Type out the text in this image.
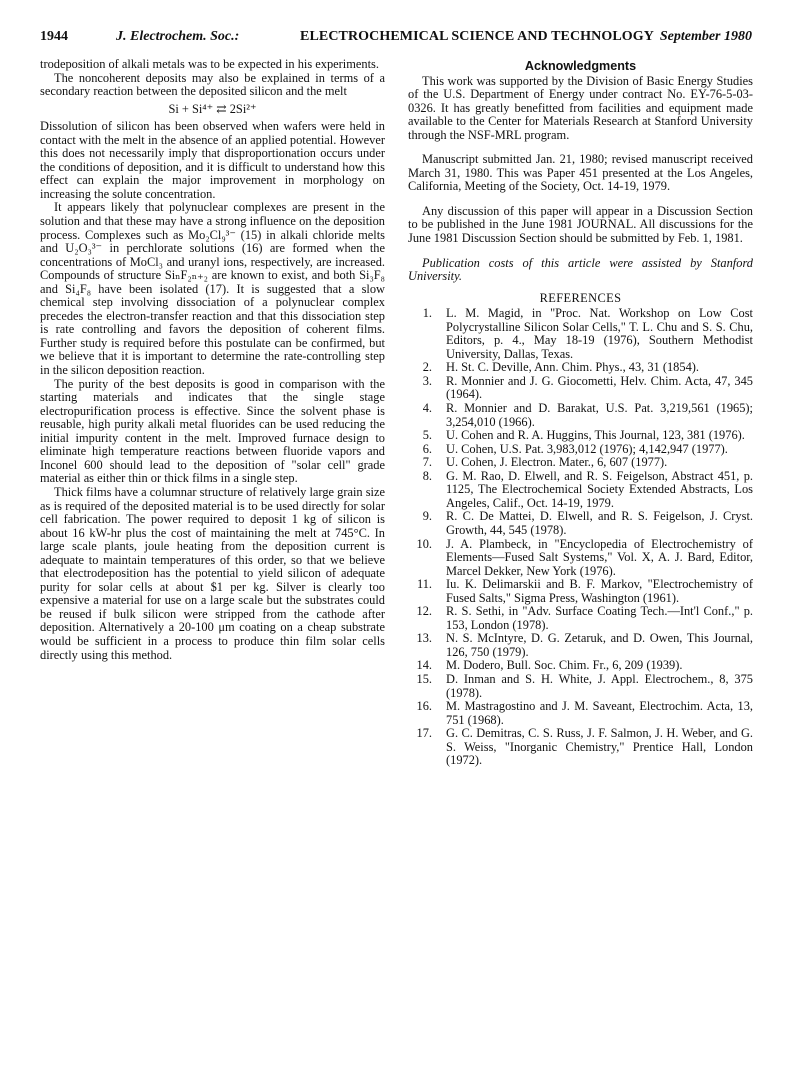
1944	J. Electrochem. Soc.:	ELECTROCHEMICAL SCIENCE AND TECHNOLOGY September 1980

trodeposition of alkali metals was to be expected in his experiments.

The noncoherent deposits may also be explained in terms of a secondary reaction between the deposited silicon and the melt

Si + Si⁴⁺ ⇄ 2Si²⁺

Dissolution of silicon has been observed when wafers were held in contact with the melt in the absence of an applied potential. However this does not necessarily imply that disproportionation occurs under the conditions of deposition, and it is difficult to understand how this effect can explain the major improvement in morphology on increasing the solute concentration.

It appears likely that polynuclear complexes are present in the solution and that these may have a strong influence on the deposition process. Complexes such as Mo₂Cl₉³⁻ (15) in alkali chloride melts and U₂O₃³⁻ in perchlorate solutions (16) are formed when the concentrations of MoCl₃ and uranyl ions, respectively, are increased. Compounds of structure SiₙF₂ₙ₊₂ are known to exist, and both Si₃F₈ and Si₄F₈ have been isolated (17). It is suggested that a slow chemical step involving dissociation of a polynuclear complex precedes the electron-transfer reaction and that this dissociation step is rate controlling and favors the deposition of coherent films. Further study is required before this postulate can be confirmed, but we believe that it is important to determine the rate-controlling step in the silicon deposition reaction.

The purity of the best deposits is good in comparison with the starting materials and indicates that the single stage electropurification process is effective. Since the solvent phase is reusable, high purity alkali metal fluorides can be used reducing the initial impurity content in the melt. Improved furnace design to eliminate high temperature reactions between fluoride vapors and Inconel 600 should lead to the deposition of "solar cell" grade material as either thin or thick films in a single step.

Thick films have a columnar structure of relatively large grain size as is required of the deposited material is to be used directly for solar cell fabrication. The power required to deposit 1 kg of silicon is about 16 kW-hr plus the cost of maintaining the melt at 745°C. In large scale plants, joule heating from the deposition current is adequate to maintain temperatures of this order, so that we believe that electrodeposition has the potential to yield silicon of adequate purity for solar cells at about $1 per kg. Silver is clearly too expensive a material for use on a large scale but the substrates could be reused if bulk silicon were stripped from the cathode after deposition. Alternatively a 20-100 μm coating on a cheap substrate would be sufficient in a process to produce thin film solar cells directly using this method.

Acknowledgments

This work was supported by the Division of Basic Energy Studies of the U.S. Department of Energy under contract No. EY-76-5-03-0326. It has greatly benefitted from facilities and equipment made available to the Center for Materials Research at Stanford University through the NSF-MRL program.

Manuscript submitted Jan. 21, 1980; revised manuscript received March 31, 1980. This was Paper 451 presented at the Los Angeles, California, Meeting of the Society, Oct. 14-19, 1979.

Any discussion of this paper will appear in a Discussion Section to be published in the June 1981 JOURNAL. All discussions for the June 1981 Discussion Section should be submitted by Feb. 1, 1981.

Publication costs of this article were assisted by Stanford University.

REFERENCES
1. L. M. Magid, in "Proc. Nat. Workshop on Low Cost Polycrystalline Silicon Solar Cells," T. L. Chu and S. S. Chu, Editors, p. 4., May 18-19 (1976), Southern Methodist University, Dallas, Texas.
2. H. St. C. Deville, Ann. Chim. Phys., 43, 31 (1854).
3. R. Monnier and J. G. Giocometti, Helv. Chim. Acta, 47, 345 (1964).
4. R. Monnier and D. Barakat, U.S. Pat. 3,219,561 (1965); 3,254,010 (1966).
5. U. Cohen and R. A. Huggins, This Journal, 123, 381 (1976).
6. U. Cohen, U.S. Pat. 3,983,012 (1976); 4,142,947 (1977).
7. U. Cohen, J. Electron. Mater., 6, 607 (1977).
8. G. M. Rao, D. Elwell, and R. S. Feigelson, Abstract 451, p. 1125, The Electrochemical Society Extended Abstracts, Los Angeles, Calif., Oct. 14-19, 1979.
9. R. C. De Mattei, D. Elwell, and R. S. Feigelson, J. Cryst. Growth, 44, 545 (1978).
10. J. A. Plambeck, in "Encyclopedia of Electrochemistry of Elements—Fused Salt Systems," Vol. X, A. J. Bard, Editor, Marcel Dekker, New York (1976).
11. Iu. K. Delimarskii and B. F. Markov, "Electrochemistry of Fused Salts," Sigma Press, Washington (1961).
12. R. S. Sethi, in "Adv. Surface Coating Tech.—Int'l Conf.," p. 153, London (1978).
13. N. S. McIntyre, D. G. Zetaruk, and D. Owen, This Journal, 126, 750 (1979).
14. M. Dodero, Bull. Soc. Chim. Fr., 6, 209 (1939).
15. D. Inman and S. H. White, J. Appl. Electrochem., 8, 375 (1978).
16. M. Mastragostino and J. M. Saveant, Electrochim. Acta, 13, 751 (1968).
17. G. C. Demitras, C. S. Russ, J. F. Salmon, J. H. Weber, and G. S. Weiss, "Inorganic Chemistry," Prentice Hall, London (1972).
